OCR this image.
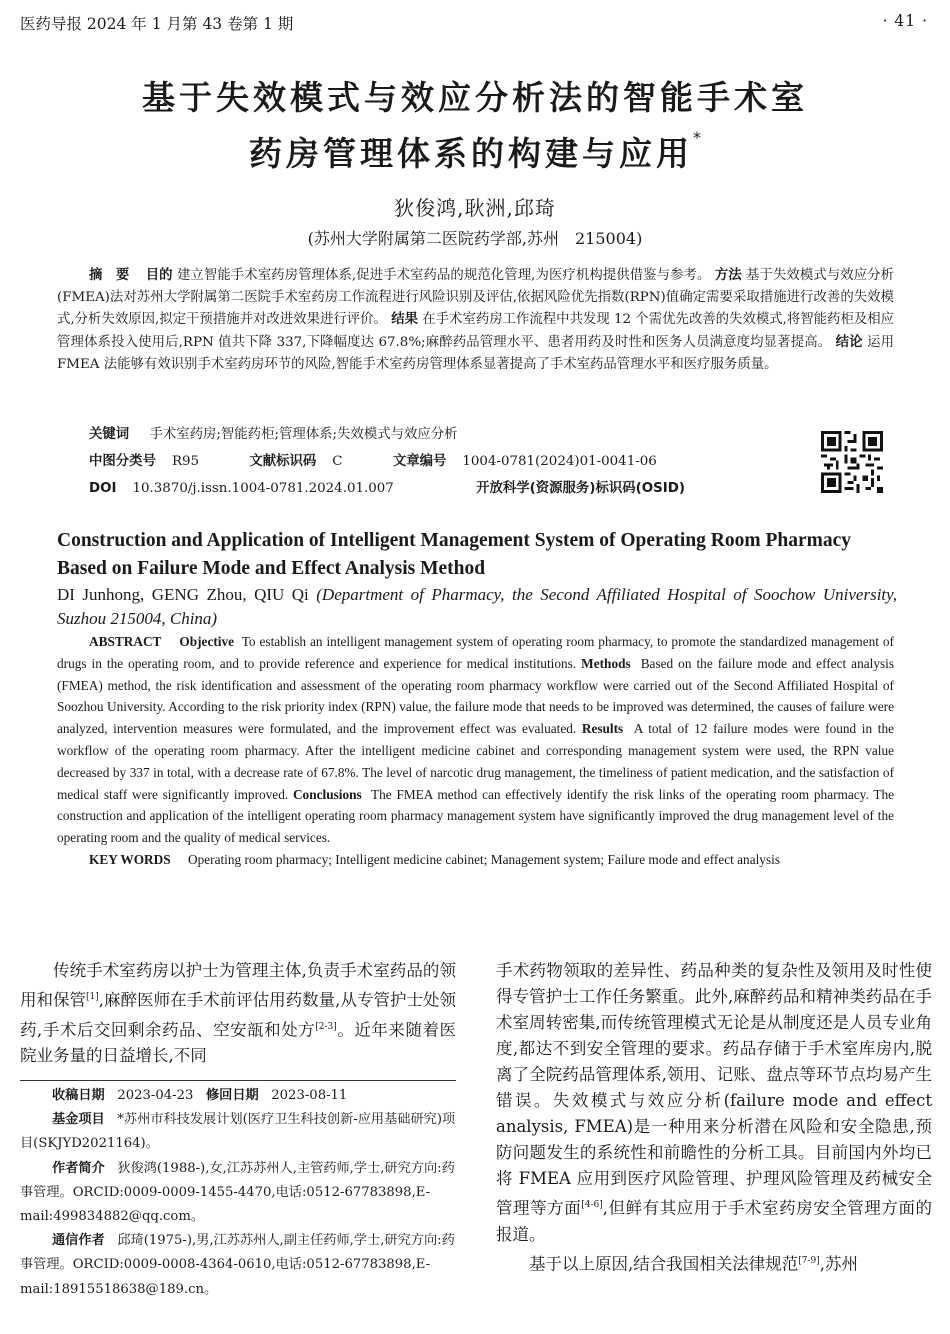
医药导报 2024 年 1 月第 43 卷第 1 期	· 41 ·
基于失效模式与效应分析法的智能手术室
药房管理体系的构建与应用*
狄俊鸿,耿洲,邱琦
(苏州大学附属第二医院药学部,苏州　215004)

摘　要 目的 建立智能手术室药房管理体系,促进手术室药品的规范化管理,为医疗机构提供借鉴与参考。 方法 基于失效模式与效应分析(FMEA)法对苏州大学附属第二医院手术室药房工作流程进行风险识别及评估,依据风险优先指数(RPN)值确定需要采取措施进行改善的失效模式,分析失效原因,拟定干预措施并对改进效果进行评价。 结果 在手术室药房工作流程中共发现 12 个需优先改善的失效模式,将智能药柜及相应管理体系投入使用后,RPN 值共下降 337,下降幅度达 67.8%;麻醉药品管理水平、患者用药及时性和医务人员满意度均显著提高。 结论 运用 FMEA 法能够有效识别手术室药房环节的风险,智能手术室药房管理体系显著提高了手术室药品管理水平和医疗服务质量。

关键词 手术室药房;智能药柜;管理体系;失效模式与效应分析
中图分类号 R95	文献标识码 C	文章编号 1004-0781(2024)01-0041-06
DOI 10.3870/j.issn.1004-0781.2024.01.007	开放科学(资源服务)标识码(OSID)
Construction and Application of Intelligent Management System of Operating Room Pharmacy Based on Failure Mode and Effect Analysis Method
DI Junhong, GENG Zhou, QIU Qi (Department of Pharmacy, the Second Affiliated Hospital of Soochow University, Suzhou 215004, China)

ABSTRACT Objective To establish an intelligent management system of operating room pharmacy, to promote the standardized management of drugs in the operating room, and to provide reference and experience for medical institutions. Methods Based on the failure mode and effect analysis (FMEA) method, the risk identification and assessment of the operating room pharmacy workflow were carried out of the Second Affiliated Hospital of Soozhou University. According to the risk priority index (RPN) value, the failure mode that needs to be improved was determined, the causes of failure were analyzed, intervention measures were formulated, and the improvement effect was evaluated. Results A total of 12 failure modes were found in the workflow of the operating room pharmacy. After the intelligent medicine cabinet and corresponding management system were used, the RPN value decreased by 337 in total, with a decrease rate of 67.8%. The level of narcotic drug management, the timeliness of patient medication, and the satisfaction of medical staff were significantly improved. Conclusions The FMEA method can effectively identify the risk links of the operating room pharmacy. The construction and application of the intelligent operating room pharmacy management system have significantly improved the drug management level of the operating room and the quality of medical services.

KEY WORDS Operating room pharmacy; Intelligent medicine cabinet; Management system; Failure mode and effect analysis

传统手术室药房以护士为管理主体,负责手术室药品的领用和保管[1],麻醉医师在手术前评估用药数量,从专管护士处领药,手术后交回剩余药品、空安瓿和处方[2-3]。近年来随着医院业务量的日益增长,不同

收稿日期 2023-04-23 修回日期 2023-08-11

基金项目 *苏州市科技发展计划(医疗卫生科技创新-应用基础研究)项目(SKJYD2021164)。

作者简介 狄俊鸿(1988-),女,江苏苏州人,主管药师,学士,研究方向:药事管理。ORCID:0009-0009-1455-4470,电话:0512-67783898,E-mail:499834882@qq.com。

通信作者 邱琦(1975-),男,江苏苏州人,副主任药师,学士,研究方向:药事管理。ORCID:0009-0008-4364-0610,电话:0512-67783898,E-mail:18915518638@189.cn。

手术药物领取的差异性、药品种类的复杂性及领用及时性使得专管护士工作任务繁重。此外,麻醉药品和精神类药品在手术室周转密集,而传统管理模式无论是从制度还是人员专业角度,都达不到安全管理的要求。药品存储于手术室库房内,脱离了全院药品管理体系,领用、记账、盘点等环节点均易产生错误。失效模式与效应分析(failure mode and effect analysis, FMEA)是一种用来分析潜在风险和安全隐患,预防问题发生的系统性和前瞻性的分析工具。目前国内外均已将 FMEA 应用到医疗风险管理、护理风险管理及药械安全管理等方面[4-6],但鲜有其应用于手术室药房安全管理方面的报道。

基于以上原因,结合我国相关法律规范[7-9],苏州
